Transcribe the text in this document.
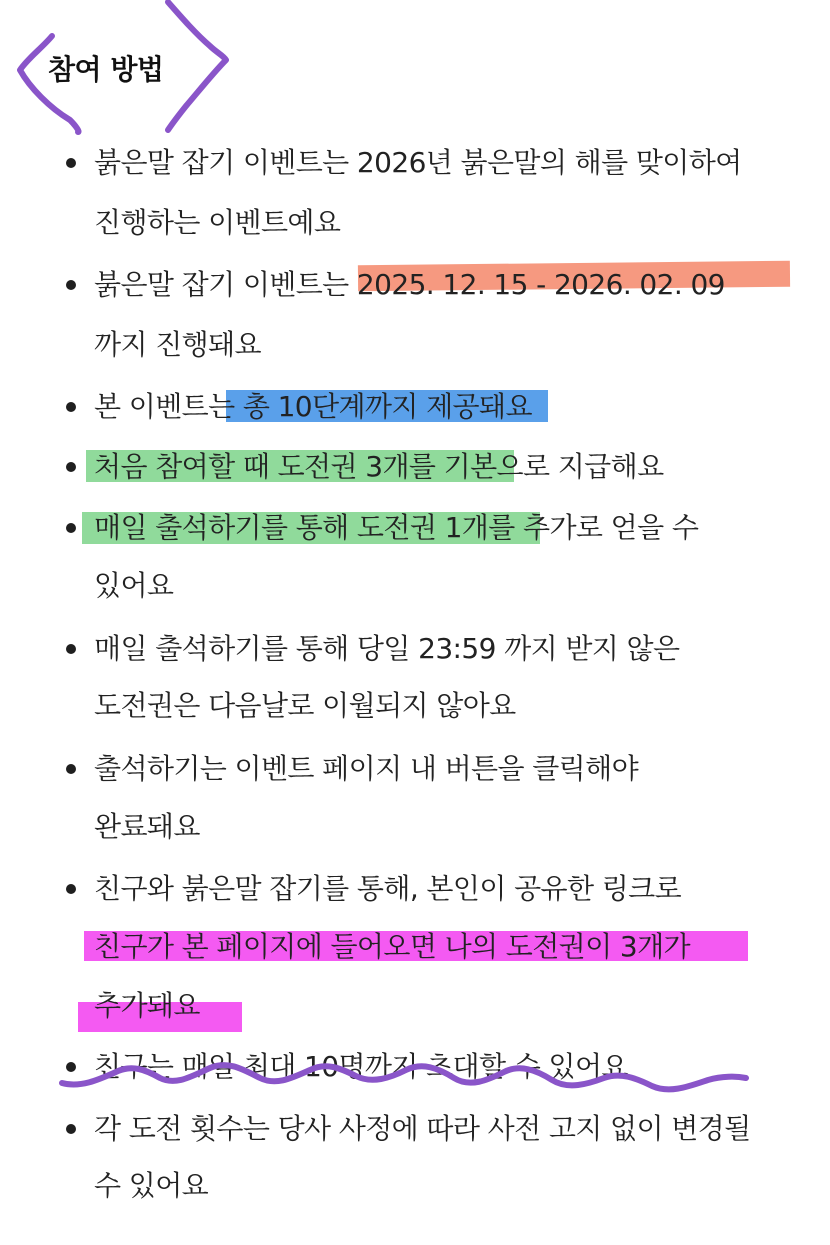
참여 방법
붉은말 잡기 이벤트는 2026년 붉은말의 해를 맞이하여
진행하는 이벤트예요
붉은말 잡기 이벤트는 2025. 12. 15 - 2026. 02. 09
까지 진행돼요
본 이벤트는 총 10단계까지 제공돼요
처음 참여할 때 도전권 3개를 기본으로 지급해요
매일 출석하기를 통해 도전권 1개를 추가로 얻을 수
있어요
매일 출석하기를 통해 당일 23:59 까지 받지 않은
도전권은 다음날로 이월되지 않아요
출석하기는 이벤트 페이지 내 버튼을 클릭해야
완료돼요
친구와 붉은말 잡기를 통해, 본인이 공유한 링크로
친구가 본 페이지에 들어오면 나의 도전권이 3개가
추가돼요
친구는 매일 최대 10명까지 초대할 수 있어요
각 도전 횟수는 당사 사정에 따라 사전 고지 없이 변경될
수 있어요
